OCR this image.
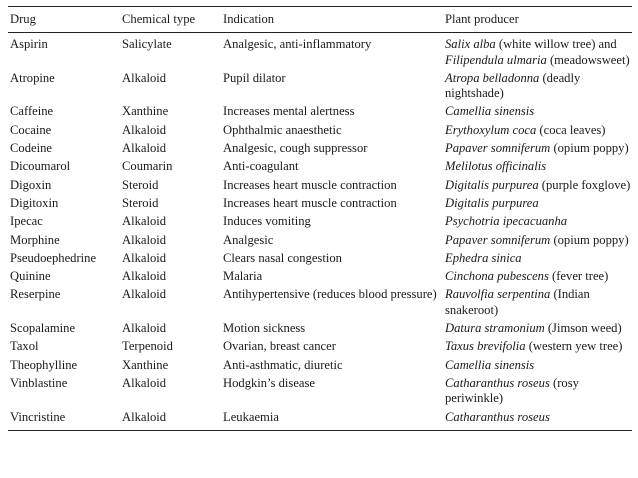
Drug	Chemical type	Indication	Plant producer
Aspirin	Salicylate	Analgesic, anti-inflammatory	Salix alba (white willow tree) and Filipendula ulmaria (meadowsweet)
Atropine	Alkaloid	Pupil dilator	Atropa belladonna (deadly nightshade)
Caffeine	Xanthine	Increases mental alertness	Camellia sinensis
Cocaine	Alkaloid	Ophthalmic anaesthetic	Erythoxylum coca (coca leaves)
Codeine	Alkaloid	Analgesic, cough suppressor	Papaver somniferum (opium poppy)
Dicoumarol	Coumarin	Anti-coagulant	Melilotus officinalis
Digoxin	Steroid	Increases heart muscle contraction	Digitalis purpurea (purple foxglove)
Digitoxin	Steroid	Increases heart muscle contraction	Digitalis purpurea
Ipecac	Alkaloid	Induces vomiting	Psychotria ipecacuanha
Morphine	Alkaloid	Analgesic	Papaver somniferum (opium poppy)
Pseudoephedrine	Alkaloid	Clears nasal congestion	Ephedra sinica
Quinine	Alkaloid	Malaria	Cinchona pubescens (fever tree)
Reserpine	Alkaloid	Antihypertensive (reduces blood pressure)	Rauvolfia serpentina (Indian snakeroot)
Scopalamine	Alkaloid	Motion sickness	Datura stramonium (Jimson weed)
Taxol	Terpenoid	Ovarian, breast cancer	Taxus brevifolia (western yew tree)
Theophylline	Xanthine	Anti-asthmatic, diuretic	Camellia sinensis
Vinblastine	Alkaloid	Hodgkin’s disease	Catharanthus roseus (rosy periwinkle)
Vincristine	Alkaloid	Leukaemia	Catharanthus roseus
